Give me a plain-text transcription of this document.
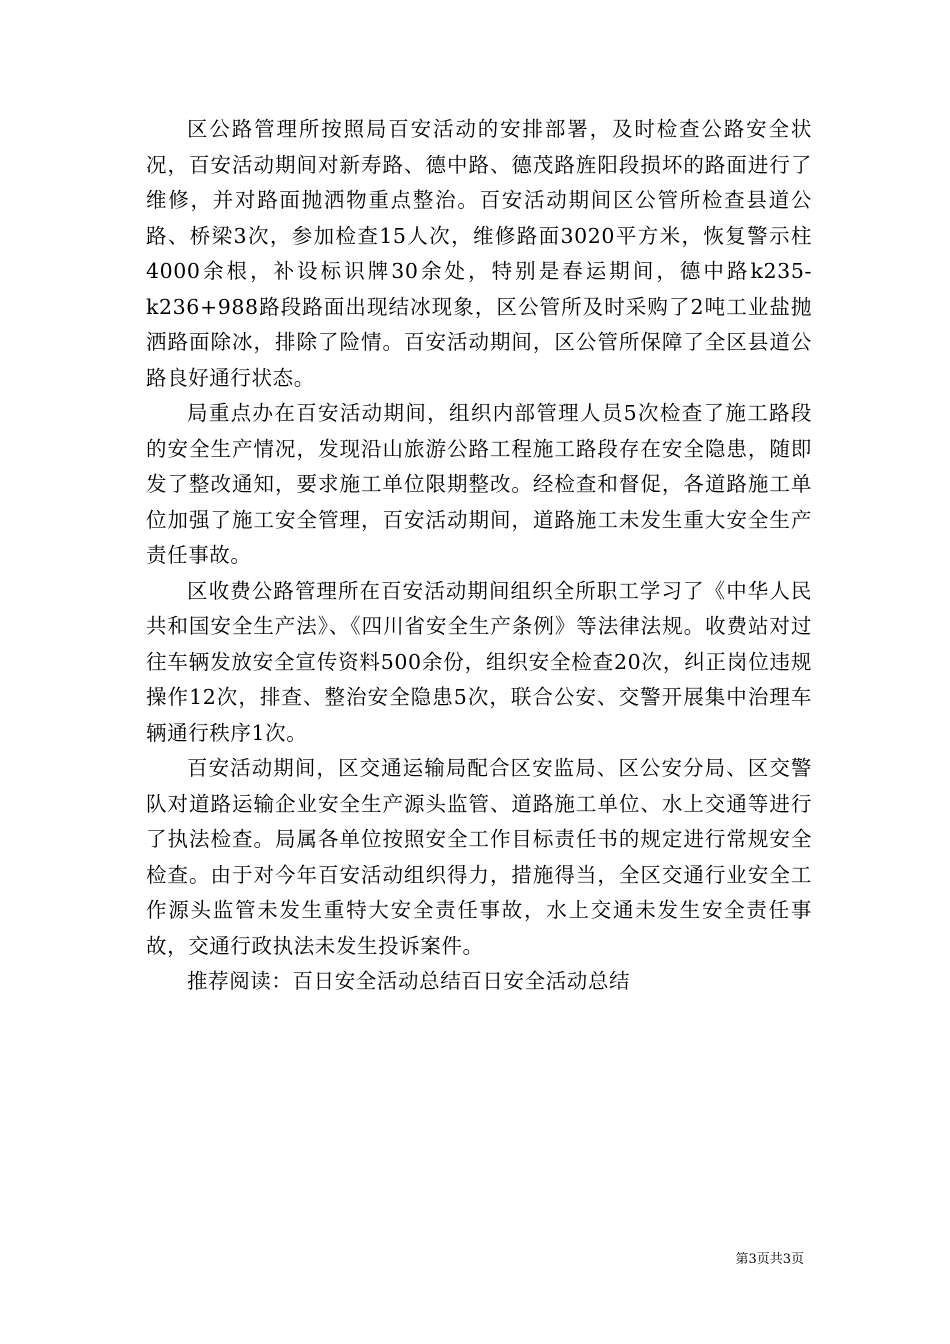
区公路管理所按照局百安活动的安排部署，及时检查公路安全状况，百安活动期间对新寿路、德中路、德茂路旌阳段损坏的路面进行了维修，并对路面抛洒物重点整治。百安活动期间区公管所检查县道公路、桥梁3次，参加检查15人次，维修路面3020平方米，恢复警示柱4000余根，补设标识牌30余处，特别是春运期间，德中路k235-k236+988路段路面出现结冰现象，区公管所及时采购了2吨工业盐抛洒路面除冰，排除了险情。百安活动期间，区公管所保障了全区县道公路良好通行状态。

局重点办在百安活动期间，组织内部管理人员5次检查了施工路段的安全生产情况，发现沿山旅游公路工程施工路段存在安全隐患，随即发了整改通知，要求施工单位限期整改。经检查和督促，各道路施工单位加强了施工安全管理，百安活动期间，道路施工未发生重大安全生产责任事故。

区收费公路管理所在百安活动期间组织全所职工学习了《中华人民共和国安全生产法》、《四川省安全生产条例》等法律法规。收费站对过往车辆发放安全宣传资料500余份，组织安全检查20次，纠正岗位违规操作12次，排查、整治安全隐患5次，联合公安、交警开展集中治理车辆通行秩序1次。

百安活动期间，区交通运输局配合区安监局、区公安分局、区交警队对道路运输企业安全生产源头监管、道路施工单位、水上交通等进行了执法检查。局属各单位按照安全工作目标责任书的规定进行常规安全检查。由于对今年百安活动组织得力，措施得当，全区交通行业安全工作源头监管未发生重特大安全责任事故，水上交通未发生安全责任事故，交通行政执法未发生投诉案件。

推荐阅读：百日安全活动总结百日安全活动总结

第3页共3页
